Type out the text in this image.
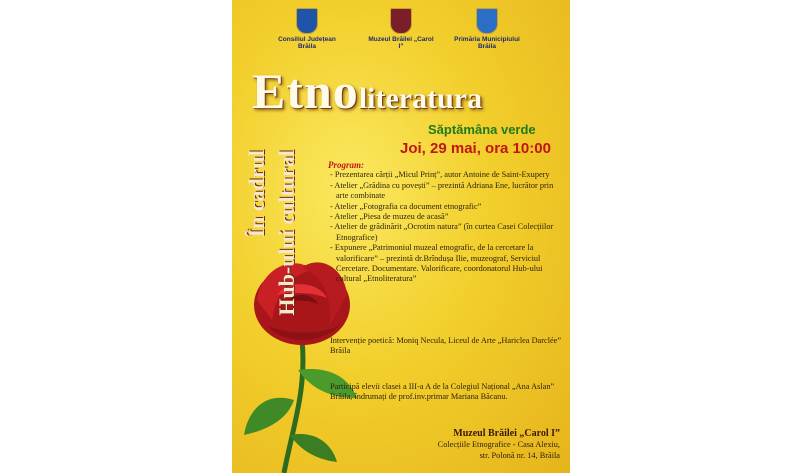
Consiliul Județean Brăila
Muzeul Brăilei „Carol I”
Primăria Municipiului Brăila
Etnoliteratura
Săptămâna verde
Joi, 29 mai, ora 10:00
În cadrul Hub-ului cultural	Program:
- Prezentarea cărții „Micul Prinț”, autor Antoine de Saint-Exupery
- Atelier „Grădina cu povești” – prezintă Adriana Ene, lucrător prin arte combinate
- Atelier „Fotografia ca document etnografic”
- Atelier „Piesa de muzeu de acasă”
- Atelier de grădinărit „Ocrotim natura” (în curtea Casei Colecțiilor Etnografice)
- Expunere „Patrimoniul muzeal etnografic, de la cercetare la valorificare” – prezintă dr.Brîndușa Ilie, muzeograf, Serviciul Cercetare. Documentare. Valorificare, coordonatorul Hub-ului cultural „Etnoliteratura”
Intervenție poetică: Moniq Necula, Liceul de Arte „Hariclea Darclée” Brăila
Participă elevii clasei a III-a A de la Colegiul Național „Ana Aslan” Brăila, îndrumați de prof.inv.primar Mariana Băcanu.
Muzeul Brăilei „Carol I”
Colecțiile Etnografice - Casa Alexiu,
str. Polonă nr. 14, Brăila
